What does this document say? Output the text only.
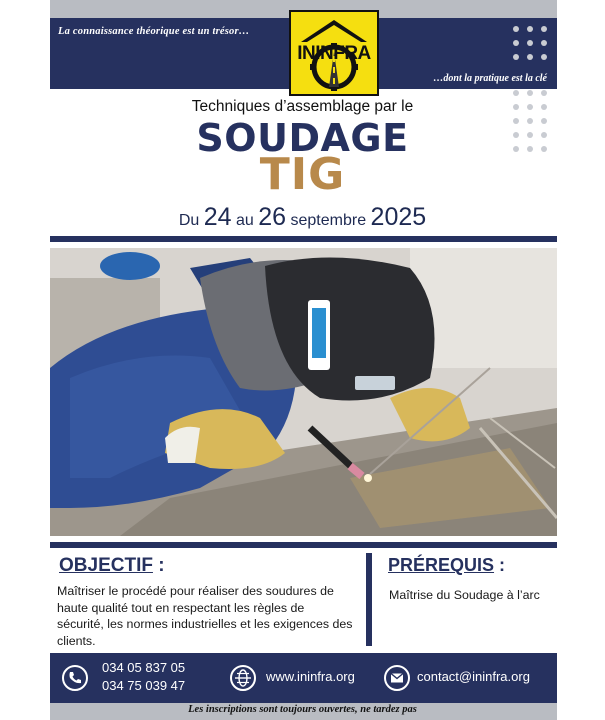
La connaissance théorique est un trésor…
…dont la pratique est la clé
ININFRA
Techniques d’assemblage par le
SOUDAGE
TIG
Du 24 au 26 septembre 2025
OBJECTIF :
Maîtriser le procédé pour réaliser des soudures de haute qualité tout en respectant les règles de sécurité, les normes industrielles et les exigences des clients.
PRÉREQUIS :
Maîtrise du Soudage à l’arc
034 05 837 05
034 75 039 47
www.ininfra.org	contact@ininfra.org
Les inscriptions sont toujours ouvertes, ne tardez pas
